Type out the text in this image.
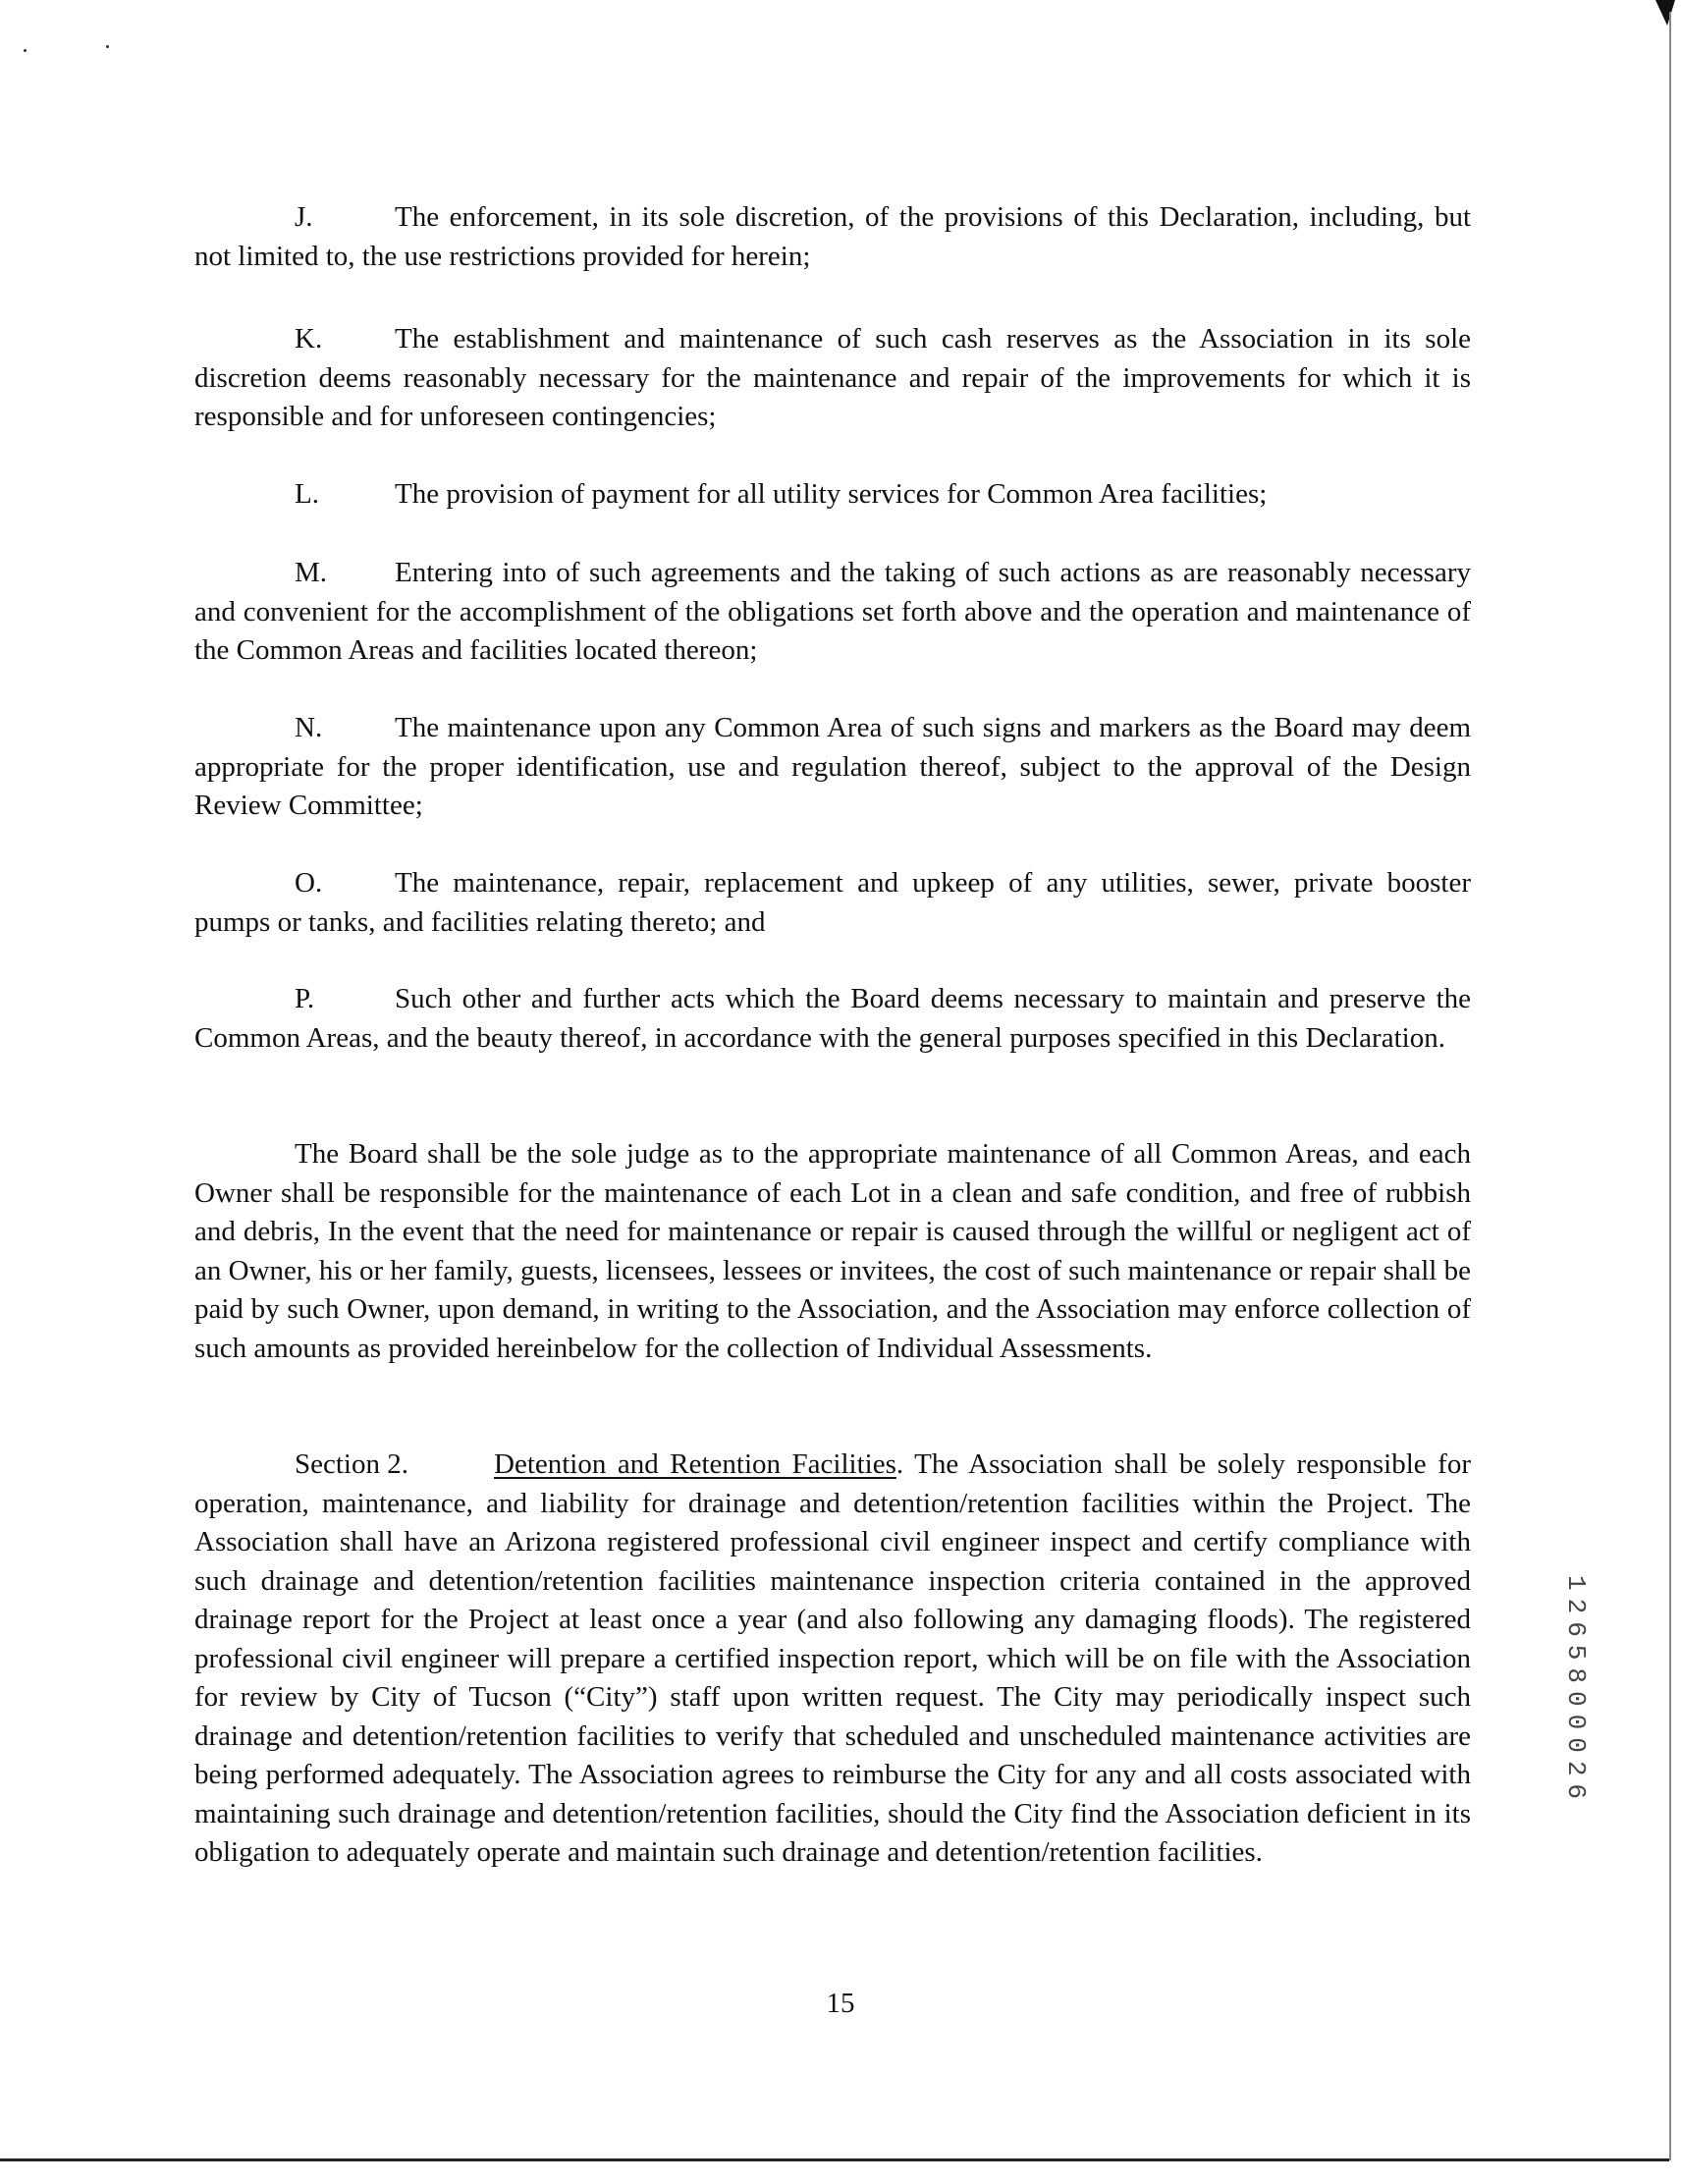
J.	The enforcement, in its sole discretion, of the provisions of this Declaration, including, but not limited to, the use restrictions provided for herein;

K.	The establishment and maintenance of such cash reserves as the Association in its sole discretion deems reasonably necessary for the maintenance and repair of the improvements for which it is responsible and for unforeseen contingencies;

L.	The provision of payment for all utility services for Common Area facilities;

M. Entering into of such agreements and the taking of such actions as are reasonably necessary and convenient for the accomplishment of the obligations set forth above and the operation and maintenance of the Common Areas and facilities located thereon;

N.	The maintenance upon any Common Area of such signs and markers as the Board may deem appropriate for the proper identification, use and regulation thereof, subject to the approval of the Design Review Committee;

O.	The maintenance, repair, replacement and upkeep of any utilities, sewer, private booster pumps or tanks, and facilities relating thereto; and

P.	Such other and further acts which the Board deems necessary to maintain and preserve the Common Areas, and the beauty thereof, in accordance with the general purposes specified in this Declaration.

The Board shall be the sole judge as to the appropriate maintenance of all Common Areas, and each Owner shall be responsible for the maintenance of each Lot in a clean and safe condition, and free of rubbish and debris, In the event that the need for maintenance or repair is caused through the willful or negligent act of an Owner, his or her family, guests, licensees, lessees or invitees, the cost of such maintenance or repair shall be paid by such Owner, upon demand, in writing to the Association, and the Association may enforce collection of such amounts as provided hereinbelow for the collection of Individual Assessments.

Section 2.	Detention and Retention Facilities. The Association shall be solely responsible for operation, maintenance, and liability for drainage and detention/retention facilities within the Project. The Association shall have an Arizona registered professional civil engineer inspect and certify compliance with such drainage and detention/retention facilities maintenance inspection criteria contained in the approved drainage report for the Project at least once a year (and also following any damaging floods). The registered professional civil engineer will prepare a certified inspection report, which will be on file with the Association for review by City of Tucson (“City”) staff upon written request. The City may periodically inspect such drainage and detention/retention facilities to verify that scheduled and unscheduled maintenance activities are being performed adequately. The Association agrees to reimburse the City for any and all costs associated with maintaining such drainage and detention/retention facilities, should the City find the Association deficient in its obligation to adequately operate and maintain such drainage and detention/retention facilities.

15
1265800026
